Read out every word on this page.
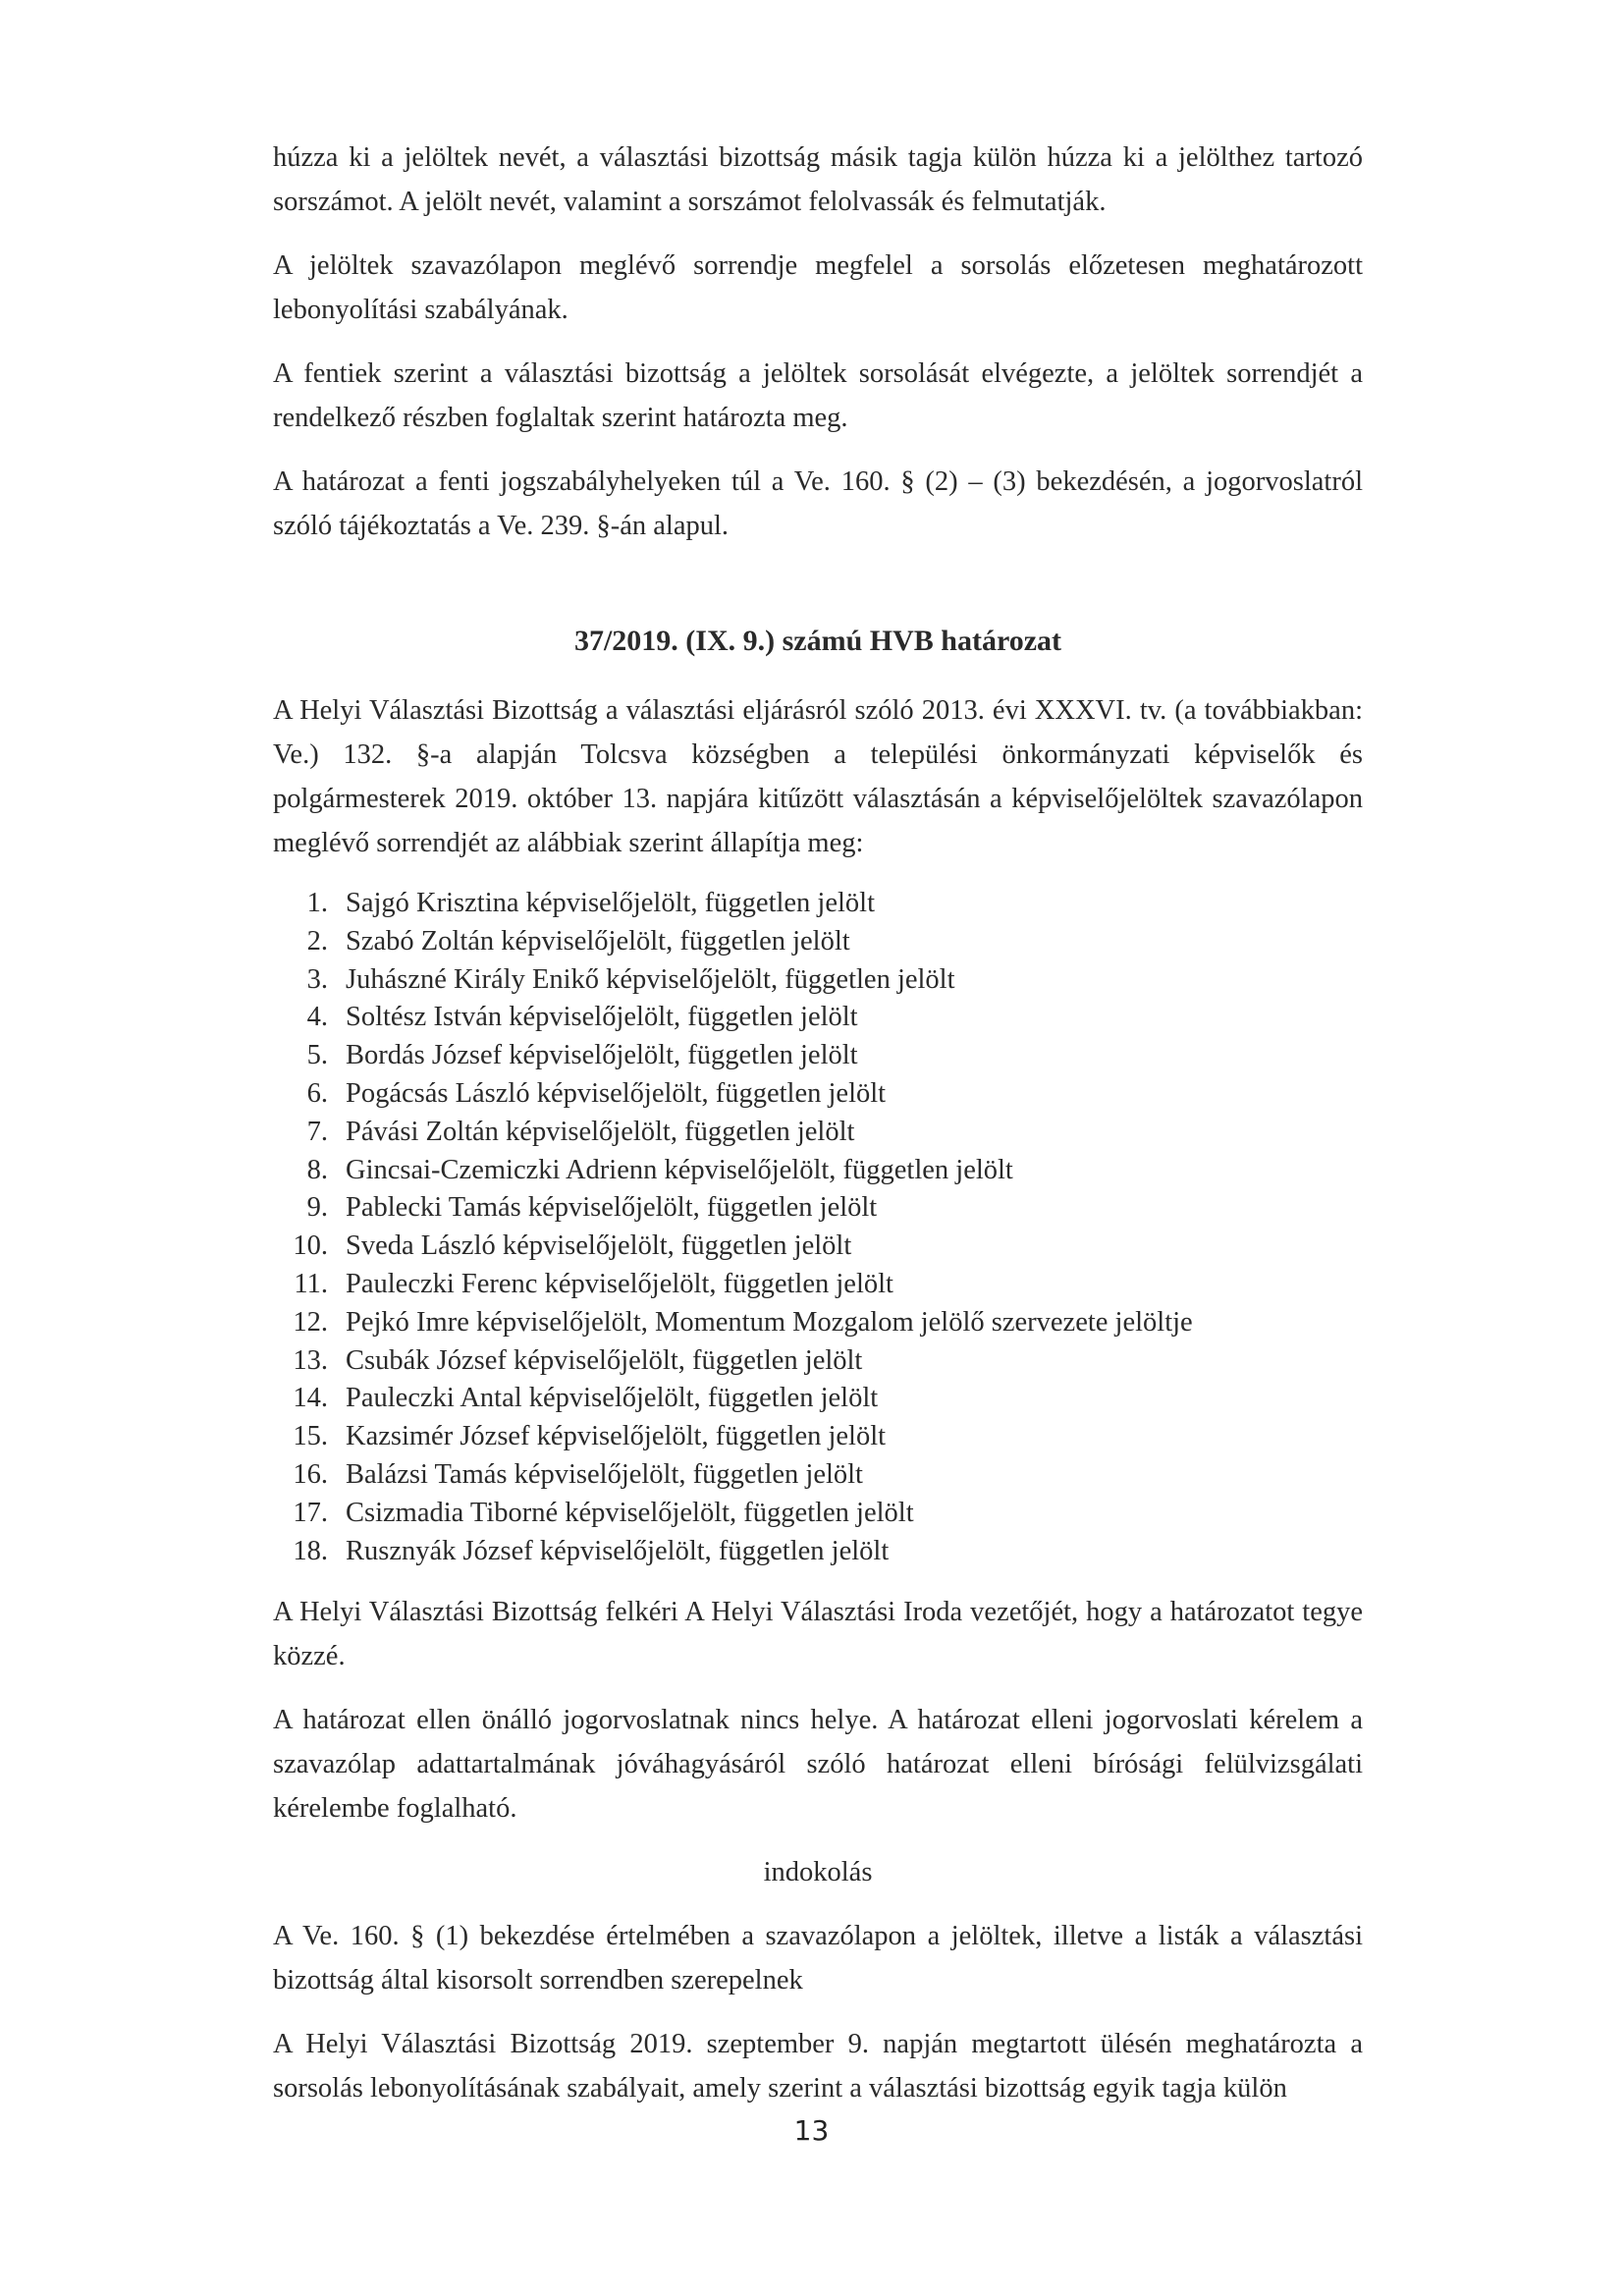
húzza ki a jelöltek nevét, a választási bizottság másik tagja külön húzza ki a jelölthez tartozó sorszámot. A jelölt nevét, valamint a sorszámot felolvassák és felmutatják.

A jelöltek szavazólapon meglévő sorrendje megfelel a sorsolás előzetesen meghatározott lebonyolítási szabályának.

A fentiek szerint a választási bizottság a jelöltek sorsolását elvégezte, a jelöltek sorrendjét a rendelkező részben foglaltak szerint határozta meg.

A határozat a fenti jogszabályhelyeken túl a Ve. 160. § (2) – (3) bekezdésén, a jogorvoslatról szóló tájékoztatás a Ve. 239. §-án alapul.

37/2019. (IX. 9.) számú HVB határozat

A Helyi Választási Bizottság a választási eljárásról szóló 2013. évi XXXVI. tv. (a továbbiakban: Ve.) 132. §-a alapján Tolcsva községben a települési önkormányzati képviselők és polgármesterek 2019. október 13. napjára kitűzött választásán a képviselőjelöltek szavazólapon meglévő sorrendjét az alábbiak szerint állapítja meg:

1. Sajgó Krisztina képviselőjelölt, független jelölt
2. Szabó Zoltán képviselőjelölt, független jelölt
3. Juhászné Király Enikő képviselőjelölt, független jelölt
4. Soltész István képviselőjelölt, független jelölt
5. Bordás József képviselőjelölt, független jelölt
6. Pogácsás László képviselőjelölt, független jelölt
7. Pávási Zoltán képviselőjelölt, független jelölt
8. Gincsai-Czemiczki Adrienn képviselőjelölt, független jelölt
9. Pablecki Tamás képviselőjelölt, független jelölt
10. Sveda László képviselőjelölt, független jelölt
11. Pauleczki Ferenc képviselőjelölt, független jelölt
12. Pejkó Imre képviselőjelölt, Momentum Mozgalom jelölő szervezete jelöltje
13. Csubák József képviselőjelölt, független jelölt
14. Pauleczki Antal képviselőjelölt, független jelölt
15. Kazsimér József képviselőjelölt, független jelölt
16. Balázsi Tamás képviselőjelölt, független jelölt
17. Csizmadia Tiborné képviselőjelölt, független jelölt
18. Rusznyák József képviselőjelölt, független jelölt

A Helyi Választási Bizottság felkéri A Helyi Választási Iroda vezetőjét, hogy a határozatot tegye közzé.

A határozat ellen önálló jogorvoslatnak nincs helye. A határozat elleni jogorvoslati kérelem a szavazólap adattartalmának jóváhagyásáról szóló határozat elleni bírósági felülvizsgálati kérelembe foglalható.

indokolás

A Ve. 160. § (1) bekezdése értelmében a szavazólapon a jelöltek, illetve a listák a választási bizottság által kisorsolt sorrendben szerepelnek

A Helyi Választási Bizottság 2019. szeptember 9. napján megtartott ülésén meghatározta a sorsolás lebonyolításának szabályait, amely szerint a választási bizottság egyik tagja külön

13
